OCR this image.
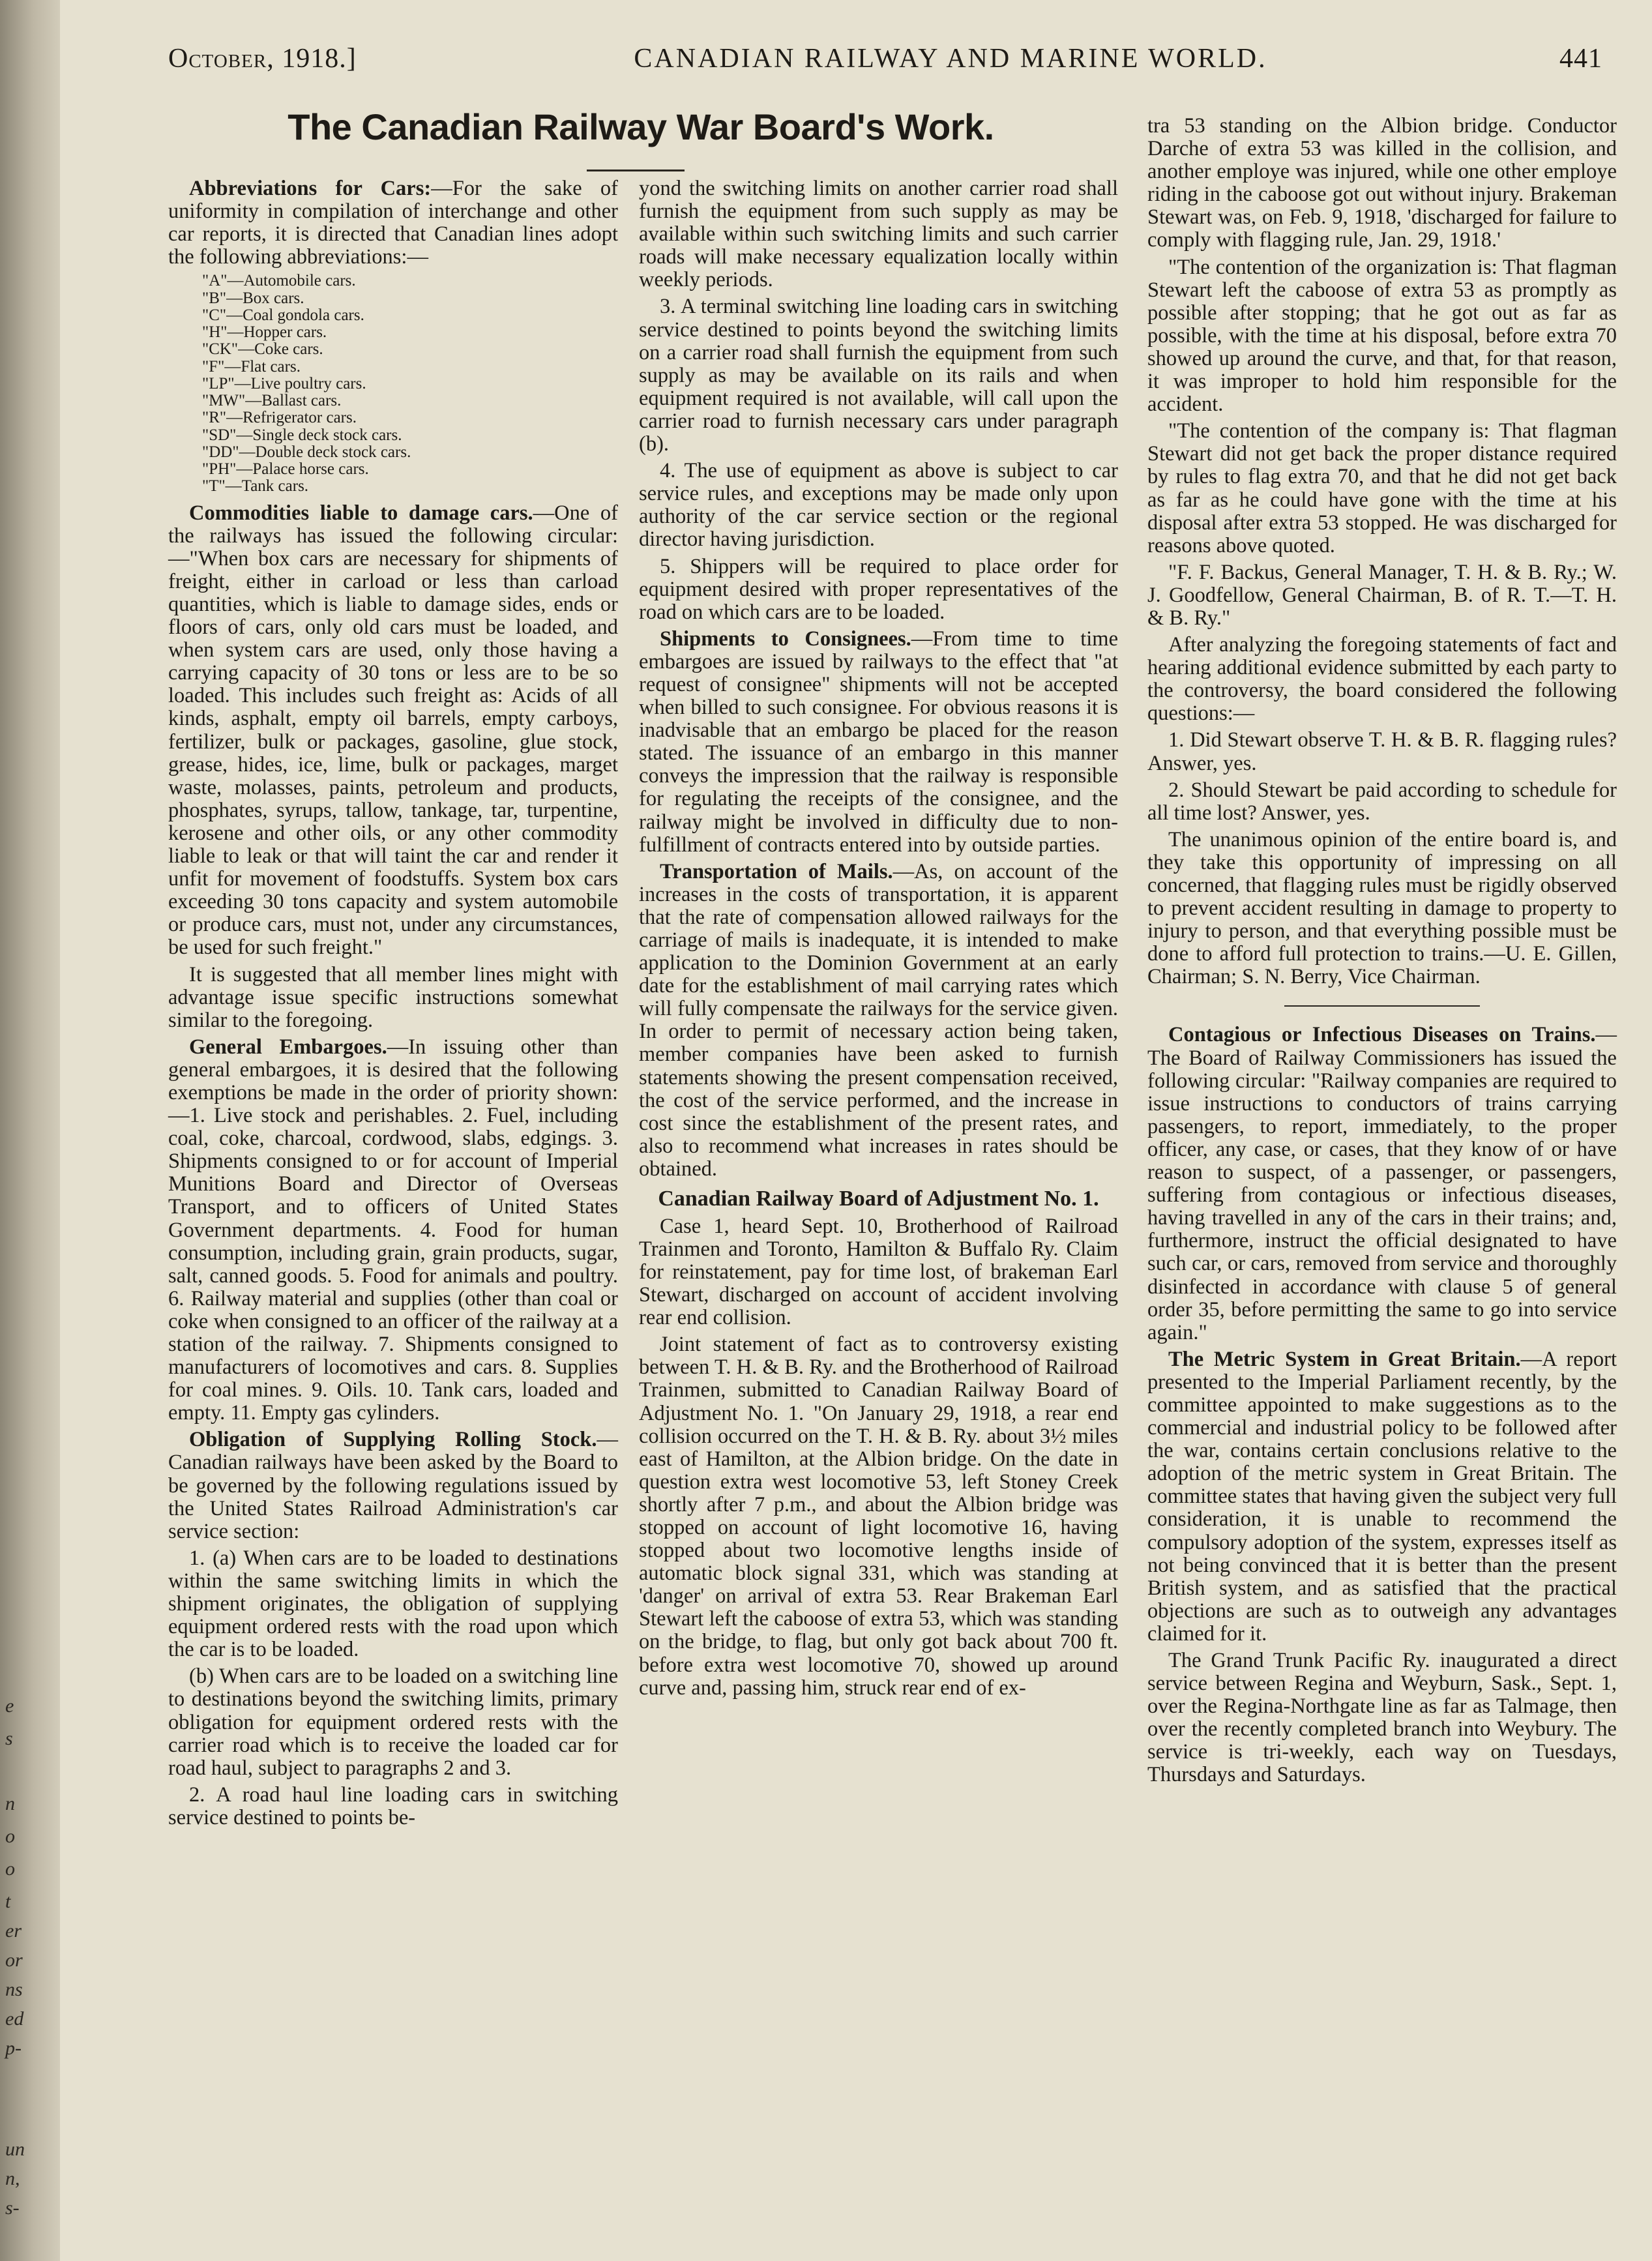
e
s
n
o
o
t
er
or
ns
ed
p-
un
n,
s-
October, 1918.]	CANADIAN RAILWAY AND MARINE WORLD.	441
The Canadian Railway War Board's Work.

Abbreviations for Cars:—For the sake of uniformity in compilation of interchange and other car reports, it is directed that Canadian lines adopt the following abbreviations:—

"A"—Automobile cars.
"B"—Box cars.
"C"—Coal gondola cars.
"H"—Hopper cars.
"CK"—Coke cars.
"F"—Flat cars.
"LP"—Live poultry cars.
"MW"—Ballast cars.
"R"—Refrigerator cars.
"SD"—Single deck stock cars.
"DD"—Double deck stock cars.
"PH"—Palace horse cars.
"T"—Tank cars.

Commodities liable to damage cars.—One of the railways has issued the following circular:—"When box cars are necessary for shipments of freight, either in carload or less than carload quantities, which is liable to damage sides, ends or floors of cars, only old cars must be loaded, and when system cars are used, only those having a carrying capacity of 30 tons or less are to be so loaded. This includes such freight as: Acids of all kinds, asphalt, empty oil barrels, empty carboys, fertilizer, bulk or packages, gasoline, glue stock, grease, hides, ice, lime, bulk or packages, marget waste, molasses, paints, petroleum and products, phosphates, syrups, tallow, tankage, tar, turpentine, kerosene and other oils, or any other commodity liable to leak or that will taint the car and render it unfit for movement of foodstuffs. System box cars exceeding 30 tons capacity and system automobile or produce cars, must not, under any circumstances, be used for such freight."

It is suggested that all member lines might with advantage issue specific instructions somewhat similar to the foregoing.

General Embargoes.—In issuing other than general embargoes, it is desired that the following exemptions be made in the order of priority shown:—1. Live stock and perishables. 2. Fuel, including coal, coke, charcoal, cordwood, slabs, edgings. 3. Shipments consigned to or for account of Imperial Munitions Board and Director of Overseas Transport, and to officers of United States Government departments. 4. Food for human consumption, including grain, grain products, sugar, salt, canned goods. 5. Food for animals and poultry. 6. Railway material and supplies (other than coal or coke when consigned to an officer of the railway at a station of the railway. 7. Shipments consigned to manufacturers of locomotives and cars. 8. Supplies for coal mines. 9. Oils. 10. Tank cars, loaded and empty. 11. Empty gas cylinders.

Obligation of Supplying Rolling Stock.—Canadian railways have been asked by the Board to be governed by the following regulations issued by the United States Railroad Administration's car service section:

1. (a) When cars are to be loaded to destinations within the same switching limits in which the shipment originates, the obligation of supplying equipment ordered rests with the road upon which the car is to be loaded.

(b) When cars are to be loaded on a switching line to destinations beyond the switching limits, primary obligation for equipment ordered rests with the carrier road which is to receive the loaded car for road haul, subject to paragraphs 2 and 3.

2. A road haul line loading cars in switching service destined to points be-

yond the switching limits on another carrier road shall furnish the equipment from such supply as may be available within such switching limits and such carrier roads will make necessary equalization locally within weekly periods.

3. A terminal switching line loading cars in switching service destined to points beyond the switching limits on a carrier road shall furnish the equipment from such supply as may be available on its rails and when equipment required is not available, will call upon the carrier road to furnish necessary cars under paragraph (b).

4. The use of equipment as above is subject to car service rules, and exceptions may be made only upon authority of the car service section or the regional director having jurisdiction.

5. Shippers will be required to place order for equipment desired with proper representatives of the road on which cars are to be loaded.

Shipments to Consignees.—From time to time embargoes are issued by railways to the effect that "at request of consignee" shipments will not be accepted when billed to such consignee. For obvious reasons it is inadvisable that an embargo be placed for the reason stated. The issuance of an embargo in this manner conveys the impression that the railway is responsible for regulating the receipts of the consignee, and the railway might be involved in difficulty due to non-fulfillment of contracts entered into by outside parties.

Transportation of Mails.—As, on account of the increases in the costs of transportation, it is apparent that the rate of compensation allowed railways for the carriage of mails is inadequate, it is intended to make application to the Dominion Government at an early date for the establishment of mail carrying rates which will fully compensate the railways for the service given. In order to permit of necessary action being taken, member companies have been asked to furnish statements showing the present compensation received, the cost of the service performed, and the increase in cost since the establishment of the present rates, and also to recommend what increases in rates should be obtained.

Canadian Railway Board of Adjustment No. 1.

Case 1, heard Sept. 10, Brotherhood of Railroad Trainmen and Toronto, Hamilton & Buffalo Ry. Claim for reinstatement, pay for time lost, of brakeman Earl Stewart, discharged on account of accident involving rear end collision.

Joint statement of fact as to controversy existing between T. H. & B. Ry. and the Brotherhood of Railroad Trainmen, submitted to Canadian Railway Board of Adjustment No. 1. "On January 29, 1918, a rear end collision occurred on the T. H. & B. Ry. about 3½ miles east of Hamilton, at the Albion bridge. On the date in question extra west locomotive 53, left Stoney Creek shortly after 7 p.m., and about the Albion bridge was stopped on account of light locomotive 16, having stopped about two locomotive lengths inside of automatic block signal 331, which was standing at 'danger' on arrival of extra 53. Rear Brakeman Earl Stewart left the caboose of extra 53, which was standing on the bridge, to flag, but only got back about 700 ft. before extra west locomotive 70, showed up around curve and, passing him, struck rear end of ex-

tra 53 standing on the Albion bridge. Conductor Darche of extra 53 was killed in the collision, and another employe was injured, while one other employe riding in the caboose got out without injury. Brakeman Stewart was, on Feb. 9, 1918, 'discharged for failure to comply with flagging rule, Jan. 29, 1918.'

"The contention of the organization is: That flagman Stewart left the caboose of extra 53 as promptly as possible after stopping; that he got out as far as possible, with the time at his disposal, before extra 70 showed up around the curve, and that, for that reason, it was improper to hold him responsible for the accident.

"The contention of the company is: That flagman Stewart did not get back the proper distance required by rules to flag extra 70, and that he did not get back as far as he could have gone with the time at his disposal after extra 53 stopped. He was discharged for reasons above quoted.

"F. F. Backus, General Manager, T. H. & B. Ry.; W. J. Goodfellow, General Chairman, B. of R. T.—T. H. & B. Ry."

After analyzing the foregoing statements of fact and hearing additional evidence submitted by each party to the controversy, the board considered the following questions:—

1. Did Stewart observe T. H. & B. R. flagging rules? Answer, yes.

2. Should Stewart be paid according to schedule for all time lost? Answer, yes.

The unanimous opinion of the entire board is, and they take this opportunity of impressing on all concerned, that flagging rules must be rigidly observed to prevent accident resulting in damage to property to injury to person, and that everything possible must be done to afford full protection to trains.—U. E. Gillen, Chairman; S. N. Berry, Vice Chairman.

Contagious or Infectious Diseases on Trains.—The Board of Railway Commissioners has issued the following circular: "Railway companies are required to issue instructions to conductors of trains carrying passengers, to report, immediately, to the proper officer, any case, or cases, that they know of or have reason to suspect, of a passenger, or passengers, suffering from contagious or infectious diseases, having travelled in any of the cars in their trains; and, furthermore, instruct the official designated to have such car, or cars, removed from service and thoroughly disinfected in accordance with clause 5 of general order 35, before permitting the same to go into service again."

The Metric System in Great Britain.—A report presented to the Imperial Parliament recently, by the committee appointed to make suggestions as to the commercial and industrial policy to be followed after the war, contains certain conclusions relative to the adoption of the metric system in Great Britain. The committee states that having given the subject very full consideration, it is unable to recommend the compulsory adoption of the system, expresses itself as not being convinced that it is better than the present British system, and as satisfied that the practical objections are such as to outweigh any advantages claimed for it.

The Grand Trunk Pacific Ry. inaugurated a direct service between Regina and Weyburn, Sask., Sept. 1, over the Regina-Northgate line as far as Talmage, then over the recently completed branch into Weybury. The service is tri-weekly, each way on Tuesdays, Thursdays and Saturdays.
